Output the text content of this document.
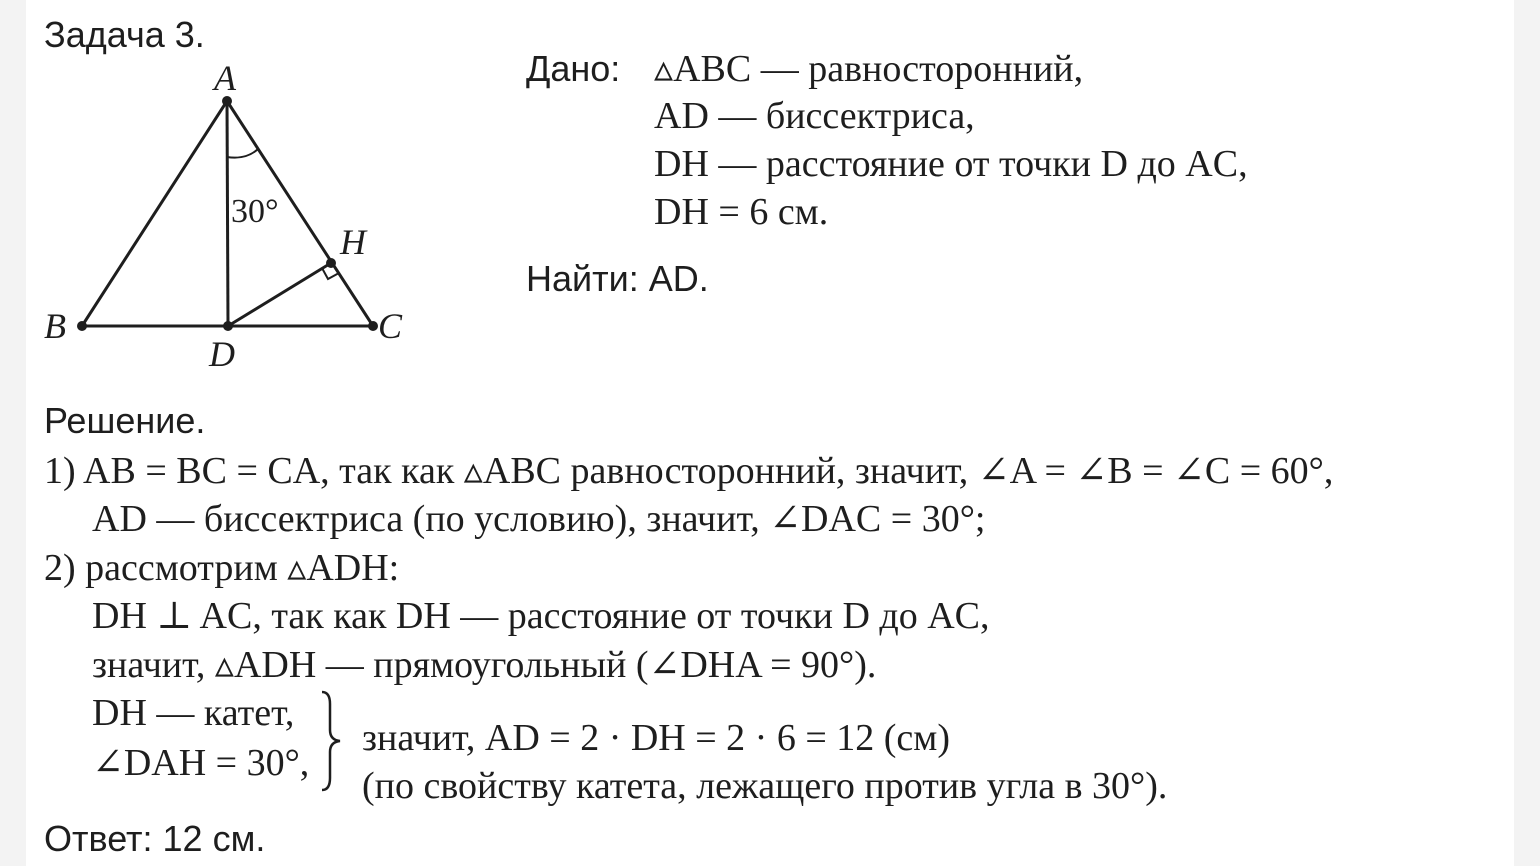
Задача 3.
A
B	C
D
H
30°
Дано: ▵ABC — равносторонний,
AD — биссектриса,
DH — расстояние от точки D до AC,
DH = 6 см.
Найти: AD.
Решение.
1) AB = BC = CA, так как ▵ABC равносторонний, значит, ∠A = ∠B = ∠C = 60°,
AD — биссектриса (по условию), значит, ∠DAC = 30°;
2) рассмотрим ▵ADH:
DH ⊥ AC, так как DH — расстояние от точки D до AC,
значит, ▵ADH — прямоугольный (∠DHA = 90°).
DH — катет,
∠DAH = 30°,
значит, AD = 2 · DH = 2 · 6 = 12 (см)
(по свойству катета, лежащего против угла в 30°).
Ответ: 12 см.
